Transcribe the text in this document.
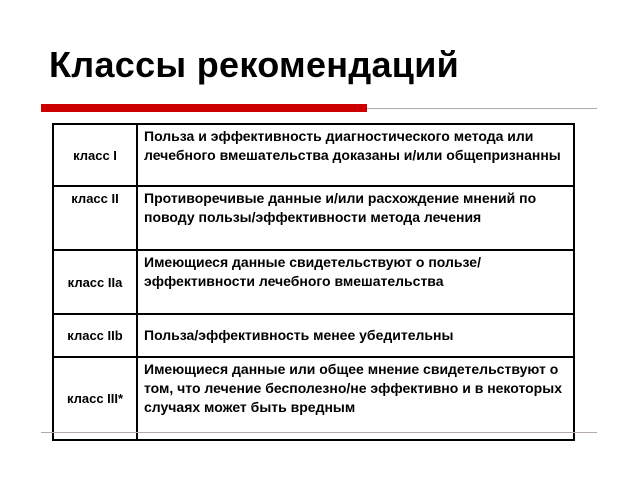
Классы рекомендаций
класс I	Польза и эффективность диагностического метода или лечебного вмешательства доказаны и/или общепризнанны
класс II	Противоречивые данные и/или расхождение мнений по поводу пользы/эффективности метода лечения
класс IIa	Имеющиеся данные свидетельствуют о пользе/эффективности лечебного вмешательства
класс IIb	Польза/эффективность менее убедительны
класс III*	Имеющиеся данные или общее мнение свидетельствуют о том, что лечение бесполезно/не эффективно и в некоторых случаях может быть вредным
